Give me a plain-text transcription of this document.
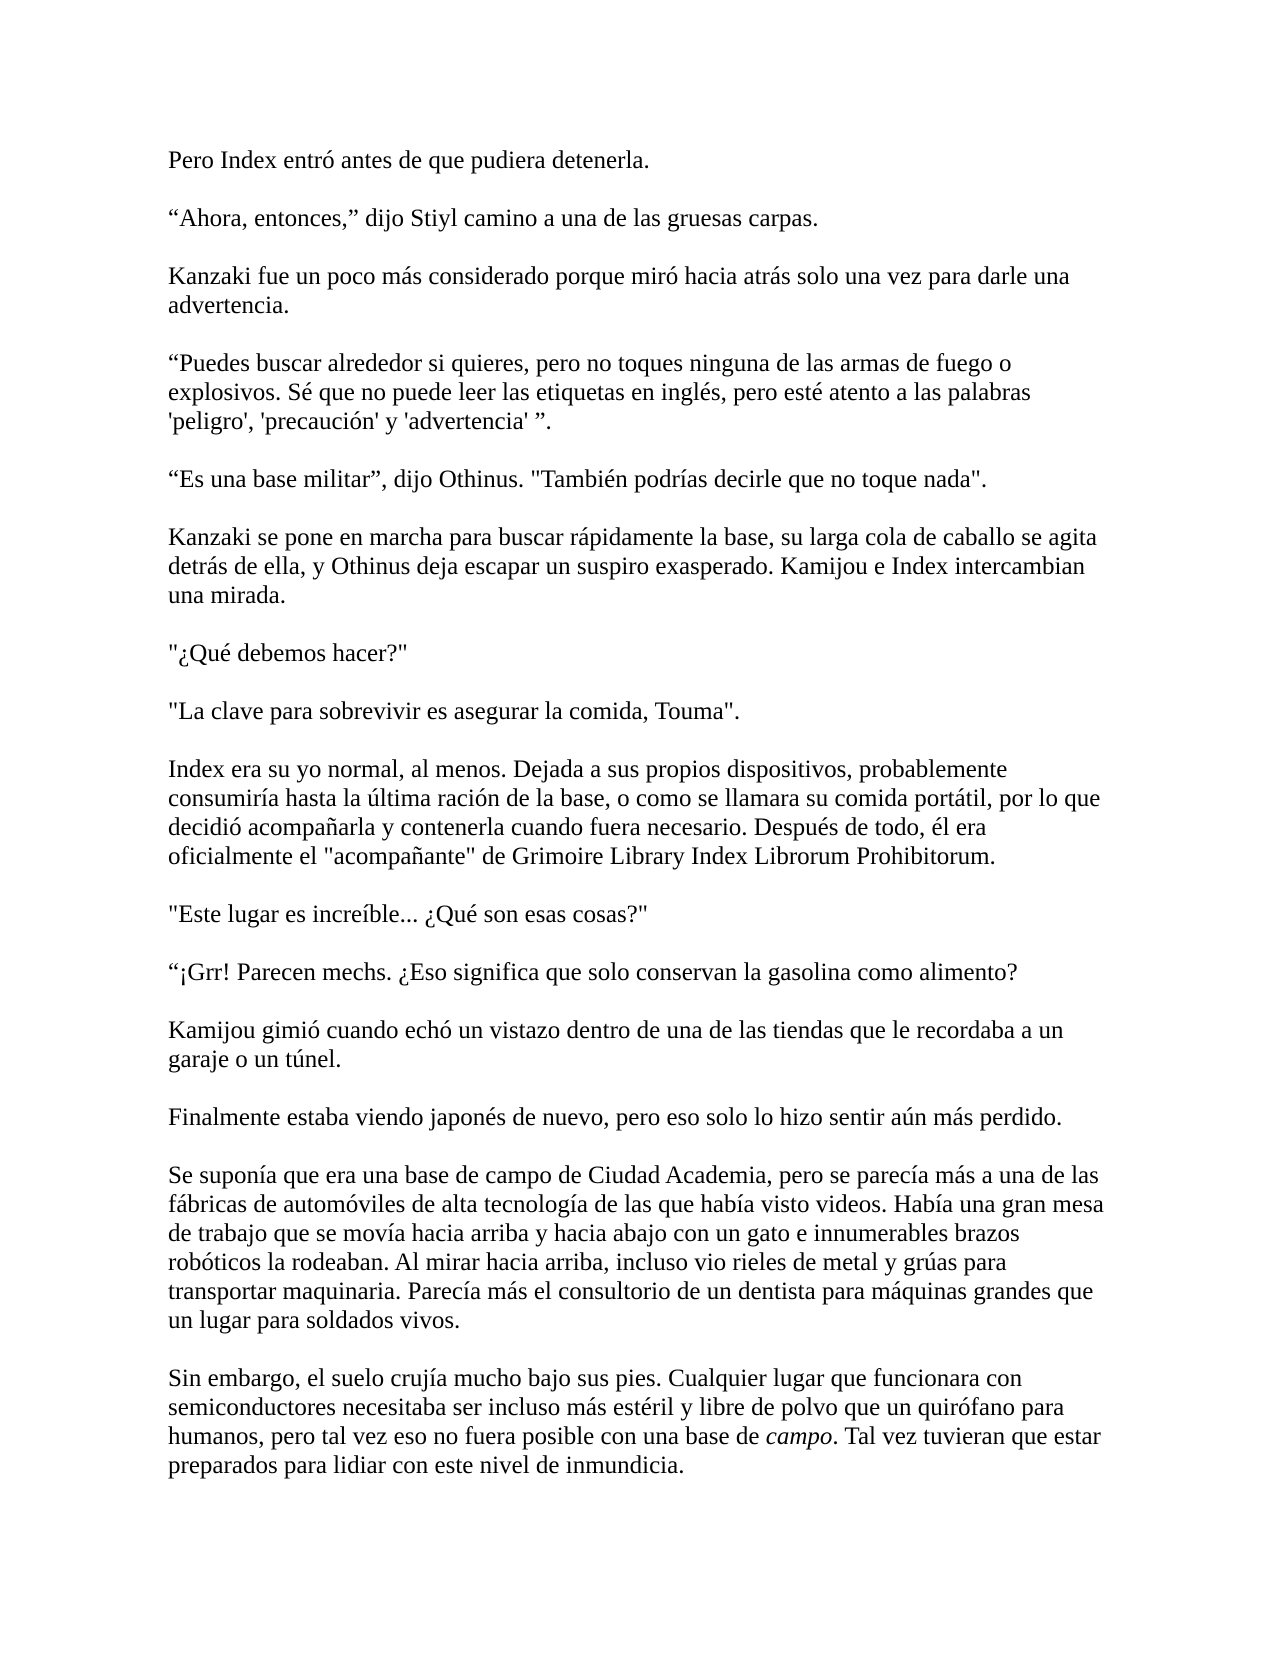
Pero Index entró antes de que pudiera detenerla.

“Ahora, entonces,” dijo Stiyl camino a una de las gruesas carpas.

Kanzaki fue un poco más considerado porque miró hacia atrás solo una vez para darle una advertencia.

“Puedes buscar alrededor si quieres, pero no toques ninguna de las armas de fuego o explosivos. Sé que no puede leer las etiquetas en inglés, pero esté atento a las palabras 'peligro', 'precaución' y 'advertencia' ”.

“Es una base militar”, dijo Othinus. "También podrías decirle que no toque nada".

Kanzaki se pone en marcha para buscar rápidamente la base, su larga cola de caballo se agita detrás de ella, y Othinus deja escapar un suspiro exasperado. Kamijou e Index intercambian una mirada.

"¿Qué debemos hacer?"

"La clave para sobrevivir es asegurar la comida, Touma".

Index era su yo normal, al menos. Dejada a sus propios dispositivos, probablemente consumiría hasta la última ración de la base, o como se llamara su comida portátil, por lo que decidió acompañarla y contenerla cuando fuera necesario. Después de todo, él era oficialmente el "acompañante" de Grimoire Library Index Librorum Prohibitorum.

"Este lugar es increíble... ¿Qué son esas cosas?"

“¡Grr! Parecen mechs. ¿Eso significa que solo conservan la gasolina como alimento?

Kamijou gimió cuando echó un vistazo dentro de una de las tiendas que le recordaba a un garaje o un túnel.

Finalmente estaba viendo japonés de nuevo, pero eso solo lo hizo sentir aún más perdido.

Se suponía que era una base de campo de Ciudad Academia, pero se parecía más a una de las fábricas de automóviles de alta tecnología de las que había visto videos. Había una gran mesa de trabajo que se movía hacia arriba y hacia abajo con un gato e innumerables brazos robóticos la rodeaban. Al mirar hacia arriba, incluso vio rieles de metal y grúas para transportar maquinaria. Parecía más el consultorio de un dentista para máquinas grandes que un lugar para soldados vivos.

Sin embargo, el suelo crujía mucho bajo sus pies. Cualquier lugar que funcionara con semiconductores necesitaba ser incluso más estéril y libre de polvo que un quirófano para humanos, pero tal vez eso no fuera posible con una base de campo. Tal vez tuvieran que estar preparados para lidiar con este nivel de inmundicia.
